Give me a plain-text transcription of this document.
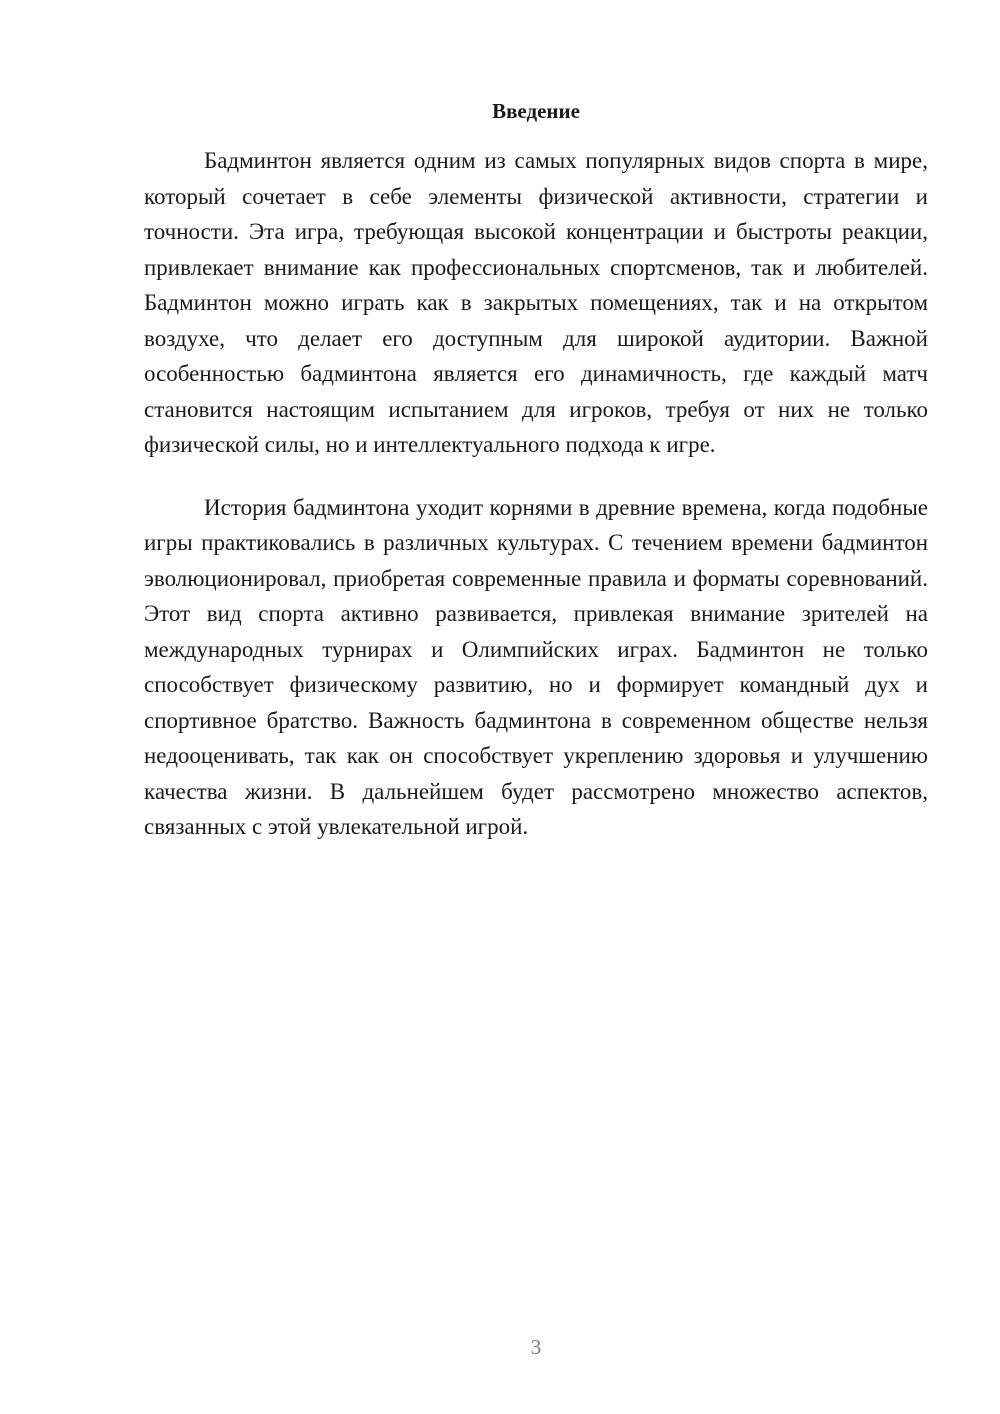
Введение

Бадминтон является одним из самых популярных видов спорта в мире, который сочетает в себе элементы физической активности, стратегии и точности. Эта игра, требующая высокой концентрации и быстроты реакции, привлекает внимание как профессиональных спортсменов, так и любителей. Бадминтон можно играть как в закрытых помещениях, так и на открытом воздухе, что делает его доступным для широкой аудитории. Важной особенностью бадминтона является его динамичность, где каждый матч становится настоящим испытанием для игроков, требуя от них не только физической силы, но и интеллектуального подхода к игре.

История бадминтона уходит корнями в древние времена, когда подобные игры практиковались в различных культурах. С течением времени бадминтон эволюционировал, приобретая современные правила и форматы соревнований. Этот вид спорта активно развивается, привлекая внимание зрителей на международных турнирах и Олимпийских играх. Бадминтон не только способствует физическому развитию, но и формирует командный дух и спортивное братство. Важность бадминтона в современном обществе нельзя недооценивать, так как он способствует укреплению здоровья и улучшению качества жизни. В дальнейшем будет рассмотрено множество аспектов, связанных с этой увлекательной игрой.

3
